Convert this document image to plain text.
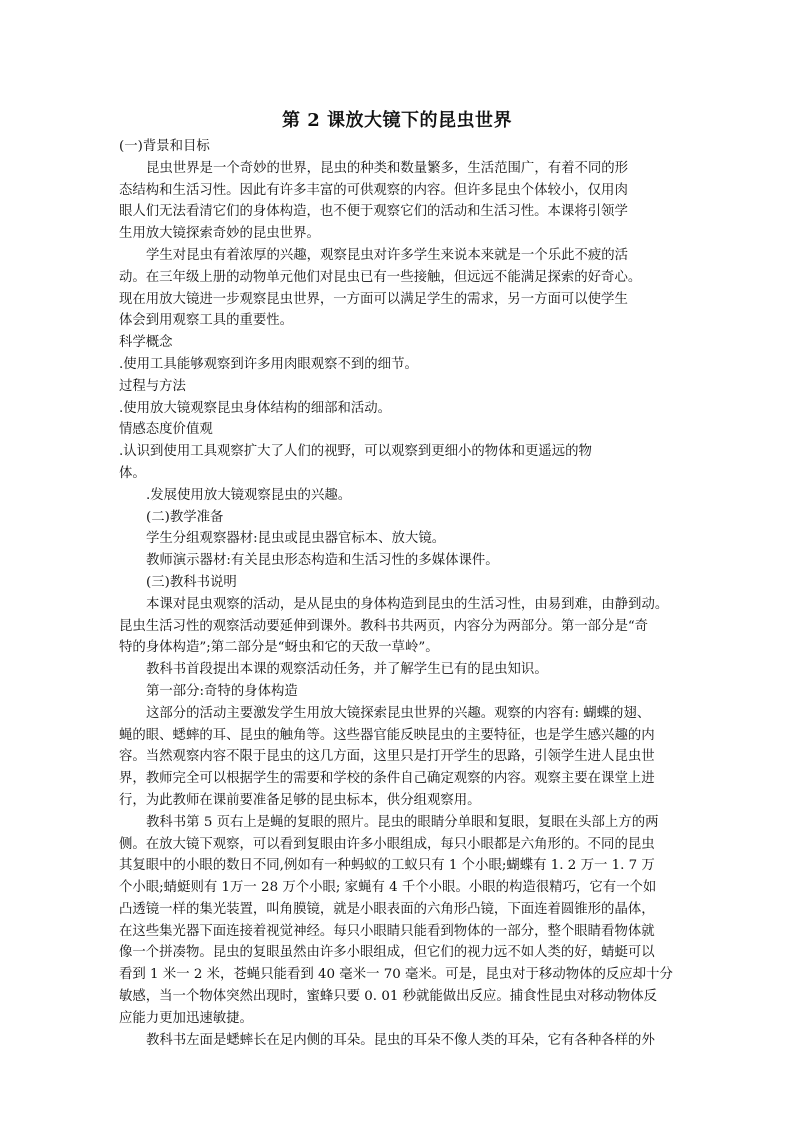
第 2 课放大镜下的昆虫世界
(一)背景和目标
昆虫世界是一个奇妙的世界，昆虫的种类和数量繁多，生活范围广，有着不同的形
态结构和生活习性。因此有许多丰富的可供观察的内容。但许多昆虫个体较小，仅用肉
眼人们无法看清它们的身体构造，也不便于观察它们的活动和生活习性。本课将引领学
生用放大镜探索奇妙的昆虫世界。
学生对昆虫有着浓厚的兴趣，观察昆虫对许多学生来说本来就是一个乐此不疲的活
动。在三年级上册的动物单元他们对昆虫已有一些接触，但远远不能满足探索的好奇心。
现在用放大镜进一步观察昆虫世界，一方面可以满足学生的需求，另一方面可以使学生
体会到用观察工具的重要性。
科学概念
.使用工具能够观察到许多用肉眼观察不到的细节。
过程与方法
.使用放大镜观察昆虫身体结构的细部和活动。
情感态度价值观
.认识到使用工具观察扩大了人们的视野，可以观察到更细小的物体和更遥远的物
体。
.发展使用放大镜观察昆虫的兴趣。
(二)教学准备
学生分组观察器材:昆虫或昆虫器官标本、放大镜。
教师演示器材:有关昆虫形态构造和生活习性的多媒体课件。
(三)教科书说明
本课对昆虫观察的活动，是从昆虫的身体构造到昆虫的生活习性，由易到难，由静到动。
昆虫生活习性的观察活动要延伸到课外。教科书共两页，内容分为两部分。第一部分是“奇
特的身体构造”;第二部分是“蚜虫和它的天敌一草岭”。
教科书首段提出本课的观察活动任务，并了解学生已有的昆虫知识。
第一部分:奇特的身体构造
这部分的活动主要激发学生用放大镜探索昆虫世界的兴趣。观察的内容有: 蝴蝶的翅、
蝇的眼、蟋蟀的耳、昆虫的触角等。这些器官能反映昆虫的主要特征，也是学生感兴趣的内
容。当然观察内容不限于昆虫的这几方面，这里只是打开学生的思路，引领学生进人昆虫世
界，教师完全可以根据学生的需要和学校的条件自己确定观察的内容。观察主要在课堂上进
行，为此教师在课前要准备足够的昆虫标本，供分组观察用。
教科书第 5 页右上是蝇的复眼的照片。昆虫的眼睛分单眼和复眼，复眼在头部上方的两
侧。在放大镜下观察，可以看到复眼由许多小眼组成，每只小眼都是六角形的。不同的昆虫
其复眼中的小眼的数日不同,例如有一种蚂蚁的工蚁只有 1 个小眼;蝴蝶有 1. 2 万一 1. 7 万
个小眼;蜻蜓则有 1万一 28 万个小眼; 家蝇有 4 千个小眼。小眼的构造很精巧，它有一个如
凸透镜一样的集光装置，叫角膜镜，就是小眼表面的六角形凸镜，下面连着圆锥形的晶体，
在这些集光器下面连接着视觉神经。每只小眼睛只能看到物体的一部分，整个眼睛看物体就
像一个拼凑物。昆虫的复眼虽然由许多小眼组成，但它们的视力远不如人类的好，蜻蜓可以
看到 1 米一 2 米，苍蝇只能看到 40 毫米一 70 毫米。可是，昆虫对于移动物体的反应却十分
敏感，当一个物体突然出现时，蜜蜂只要 0. 01 秒就能做出反应。捕食性昆虫对移动物体反
应能力更加迅速敏捷。
教科书左面是蟋蟀长在足内侧的耳朵。昆虫的耳朵不像人类的耳朵，它有各种各样的外
